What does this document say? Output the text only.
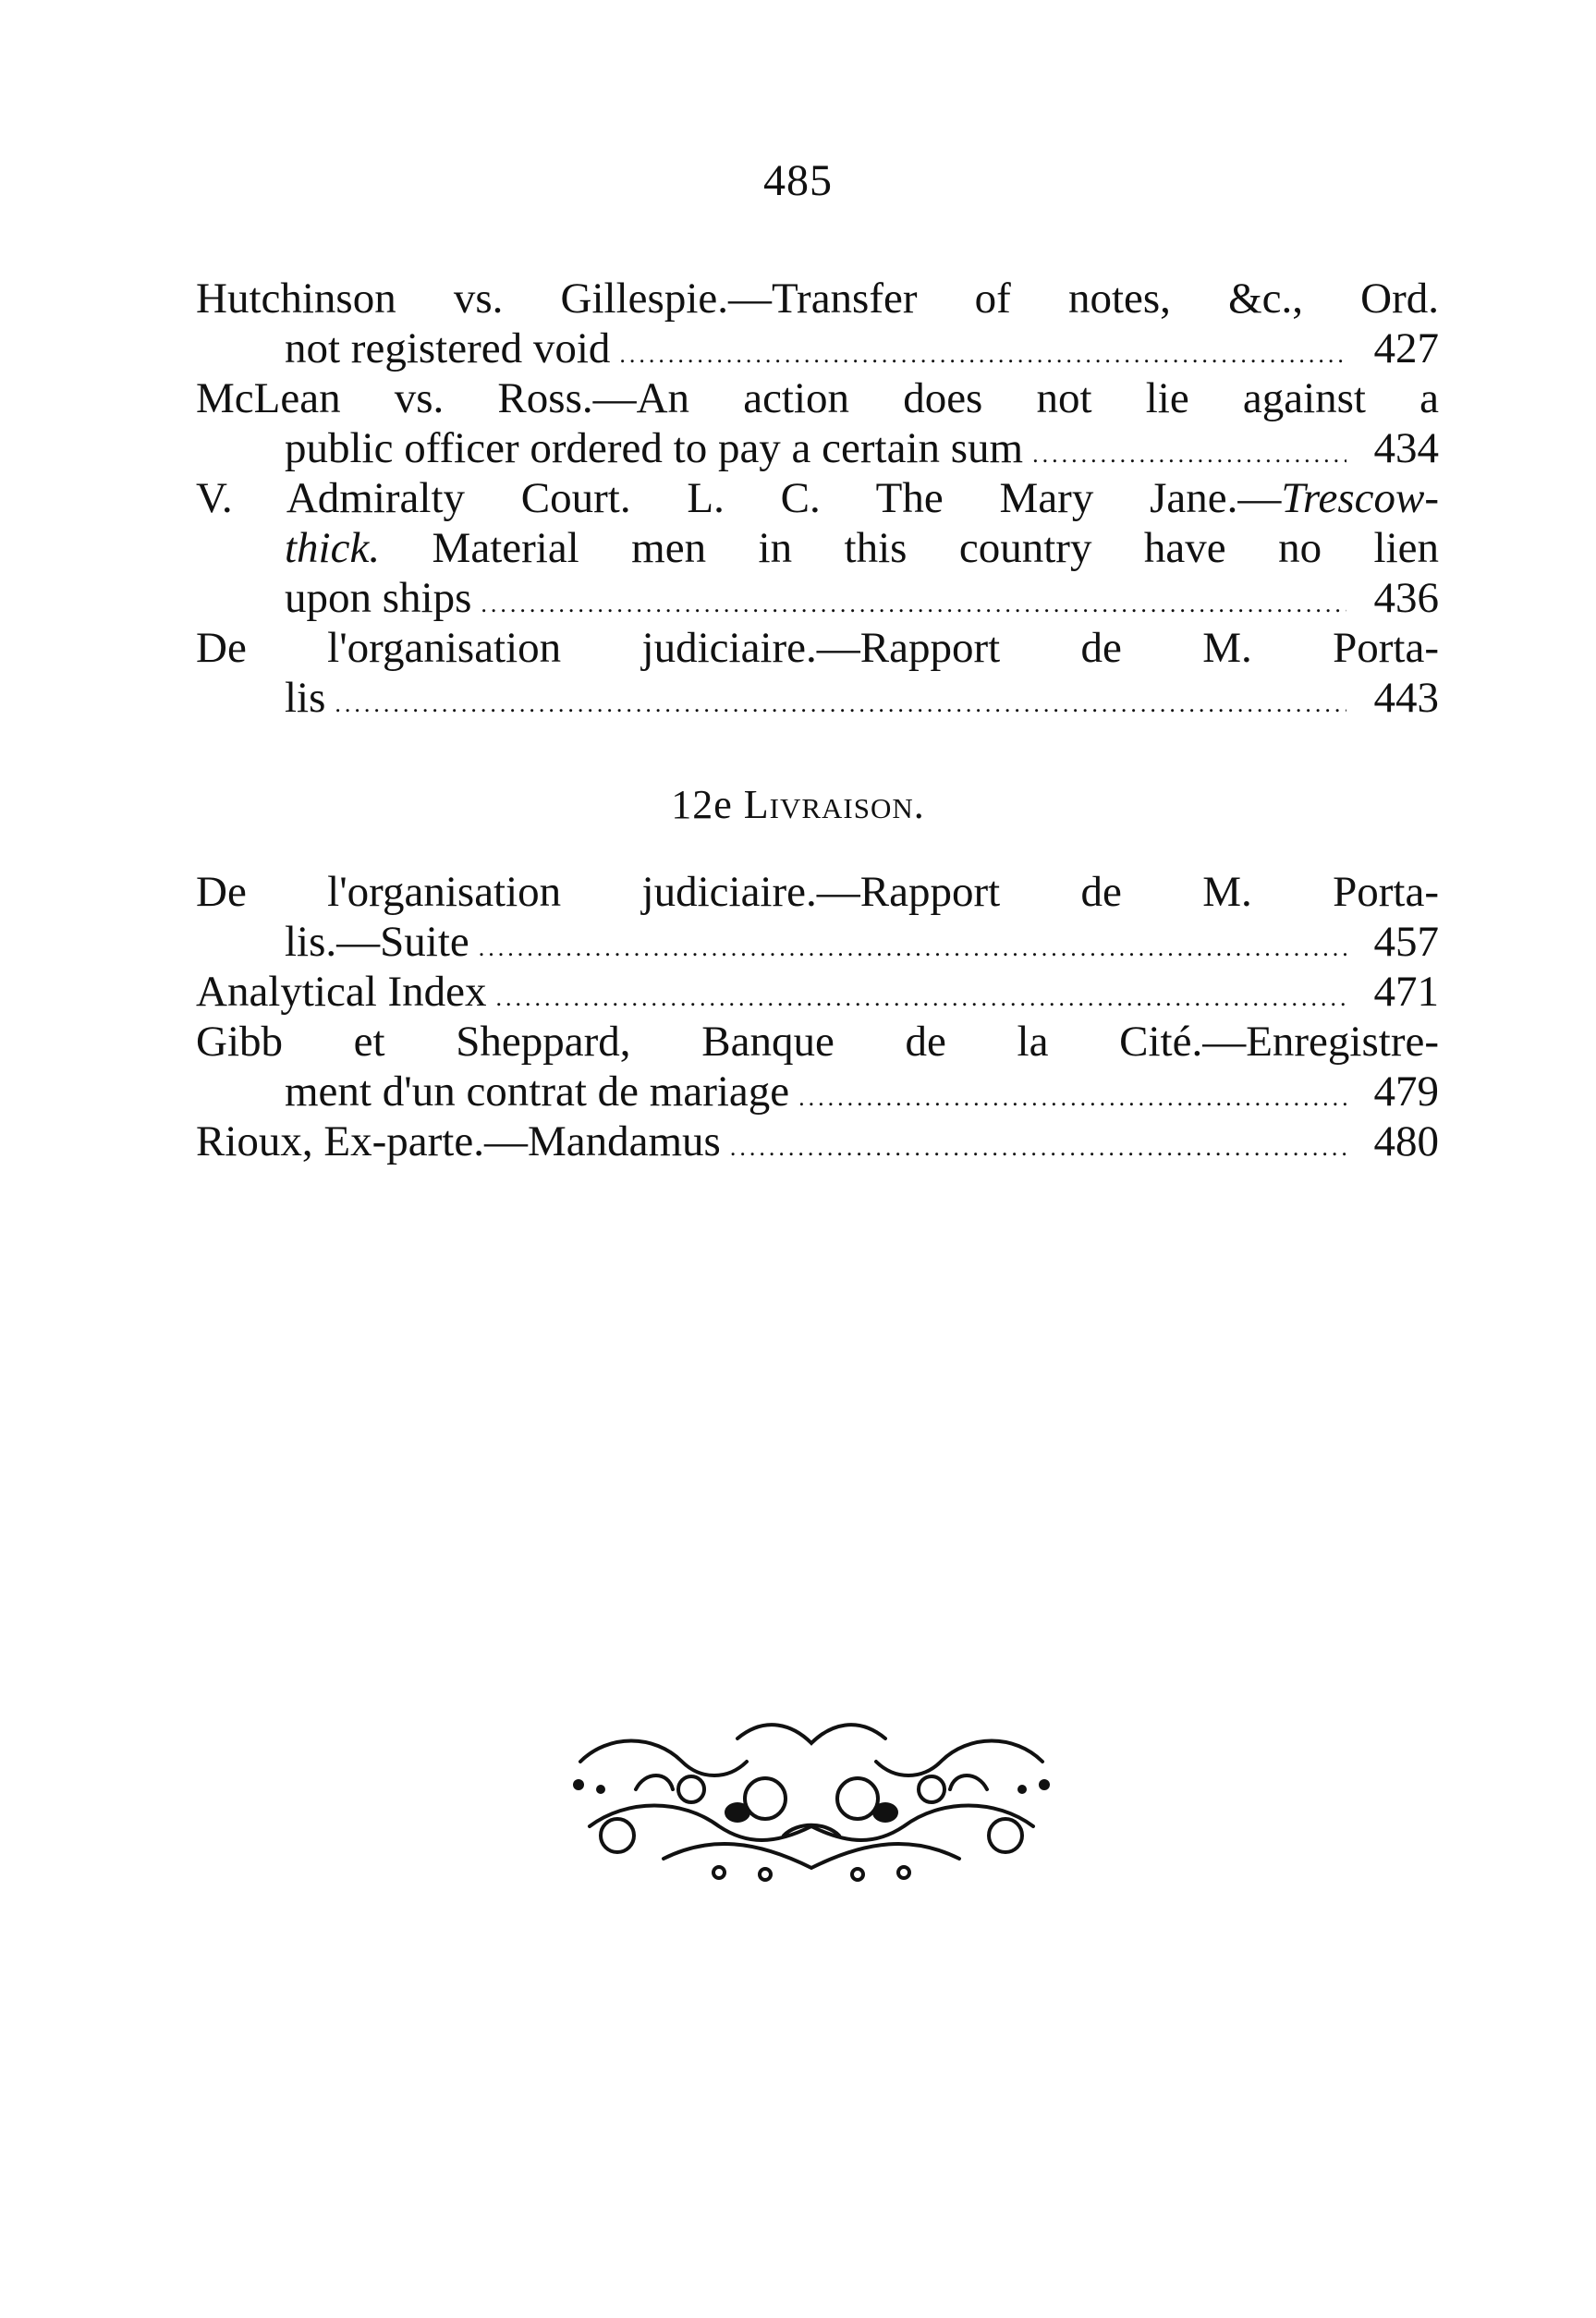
485
Hutchinson vs. Gillespie.—Transfer of notes, &c., Ord.
not registered void .....	427
McLean vs. Ross.—An action does not lie against a
public officer ordered to pay a certain sum .....	434
V. Admiralty Court. L. C. The Mary Jane.—Trescow-
thick. Material men in this country have no lien
upon ships .....	436
De l'organisation judiciaire.—Rapport de M. Porta-
lis .....	443
12e Livraison.
De l'organisation judiciaire.—Rapport de M. Porta-
lis.—Suite .....	457
Analytical Index .....	471
Gibb et Sheppard, Banque de la Cité.—Enregistre-
ment d'un contrat de mariage .....	479
Rioux, Ex-parte.—Mandamus .....	480
